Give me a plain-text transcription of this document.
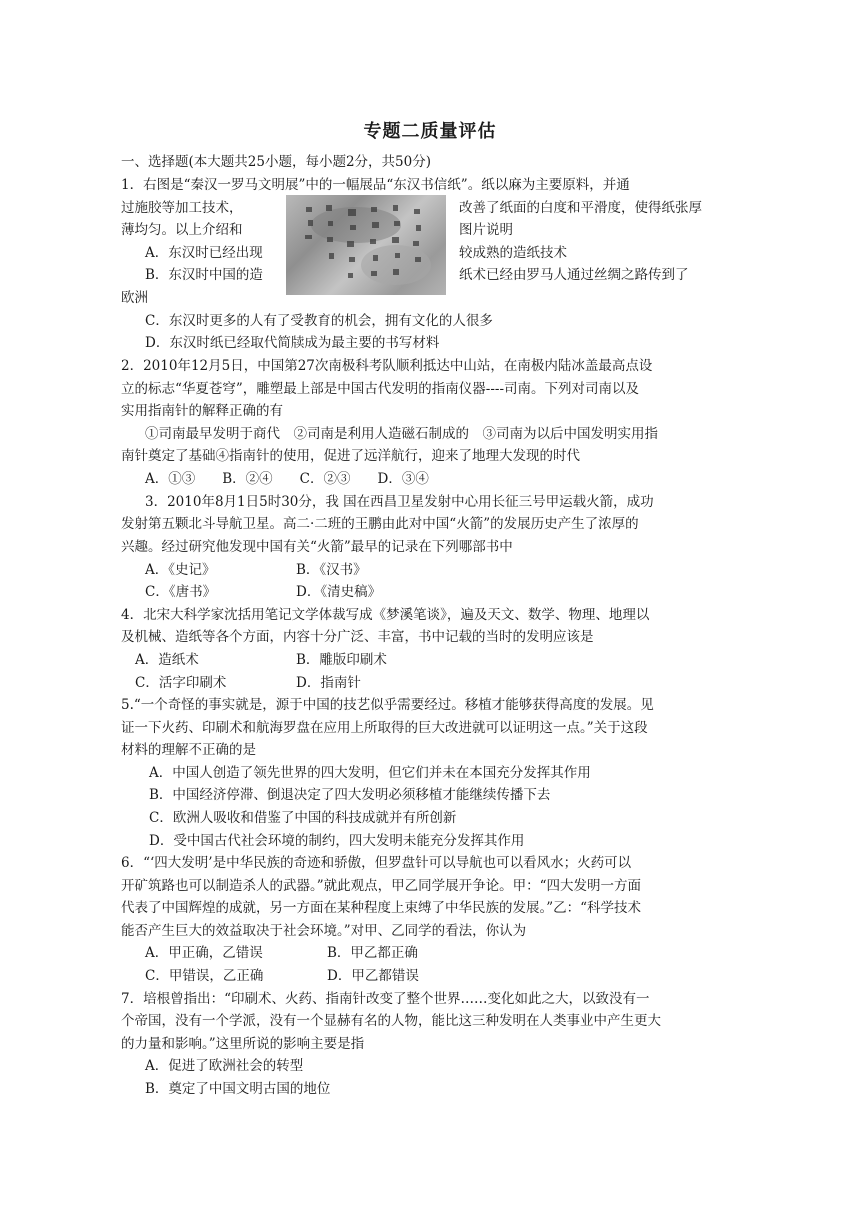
专题二质量评估
一、选择题(本大题共25小题，每小题2分，共50分)
1．右图是“秦汉一罗马文明展”中的一幅展品“东汉书信纸”。纸以麻为主要原料，并通
过施胶等加工技术，	改善了纸面的白度和平滑度，使得纸张厚
薄均匀。以上介绍和	图片说明
A．东汉时已经出现	较成熟的造纸技术
B．东汉时中国的造	纸术已经由罗马人通过丝绸之路传到了
欧洲
C．东汉时更多的人有了受教育的机会，拥有文化的人很多
D．东汉时纸已经取代简牍成为最主要的书写材料
2．2010年12月5日，中国第27次南极科考队顺利抵达中山站，在南极内陆冰盖最高点设
立的标志“华夏苍穹”，雕塑最上部是中国古代发明的指南仪器----司南。下列对司南以及
实用指南针的解释正确的有
①司南最早发明于商代　②司南是利用人造磁石制成的　③司南为以后中国发明实用指
南针奠定了基础④指南针的使用，促进了远洋航行，迎来了地理大发现的时代
A．①③　　B．②④　　C．②③　　D．③④
3．2010年8月1日5时30分，我 国在西昌卫星发射中心用长征三号甲运载火箭，成功
发射第五颗北斗导航卫星。高二·二班的王鹏由此对中国“火箭”的发展历史产生了浓厚的
兴趣。经过研究他发现中国有关“火箭”最早的记录在下列哪部书中
A．《史记》	B．《汉书》
C．《唐书》	D．《清史稿》
4．北宋大科学家沈括用笔记文学体裁写成《梦溪笔谈》，遍及天文、数学、物理、地理以
及机械、造纸等各个方面，内容十分广泛、丰富，书中记载的当时的发明应该是
A．造纸术	B．雕版印刷术
C．活字印刷术	D．指南针
5.“一个奇怪的事实就是，源于中国的技艺似乎需要经过。移植才能够获得高度的发展。见
证一下火药、印刷术和航海罗盘在应用上所取得的巨大改进就可以证明这一点。”关于这段
材料的理解不正确的是
A．中国人创造了领先世界的四大发明，但它们并未在本国充分发挥其作用
B．中国经济停滞、倒退决定了四大发明必须移植才能继续传播下去
C．欧洲人吸收和借鉴了中国的科技成就并有所创新
D．受中国古代社会环境的制约，四大发明未能充分发挥其作用
6．“‘四大发明’是中华民族的奇迹和骄傲，但罗盘针可以导航也可以看风水；火药可以
开矿筑路也可以制造杀人的武器。”就此观点，甲乙同学展开争论。甲：“四大发明一方面
代表了中国辉煌的成就，另一方面在某种程度上束缚了中华民族的发展。”乙：“科学技术
能否产生巨大的效益取决于社会环境。”对甲、乙同学的看法，你认为
A．甲正确，乙错误	B．甲乙都正确
C．甲错误，乙正确	D．甲乙都错误
7．培根曾指出：“印刷术、火药、指南针改变了整个世界……变化如此之大，以致没有一
个帝国，没有一个学派，没有一个显赫有名的人物，能比这三种发明在人类事业中产生更大
的力量和影响。”这里所说的影响主要是指
A．促进了欧洲社会的转型
B．奠定了中国文明古国的地位
